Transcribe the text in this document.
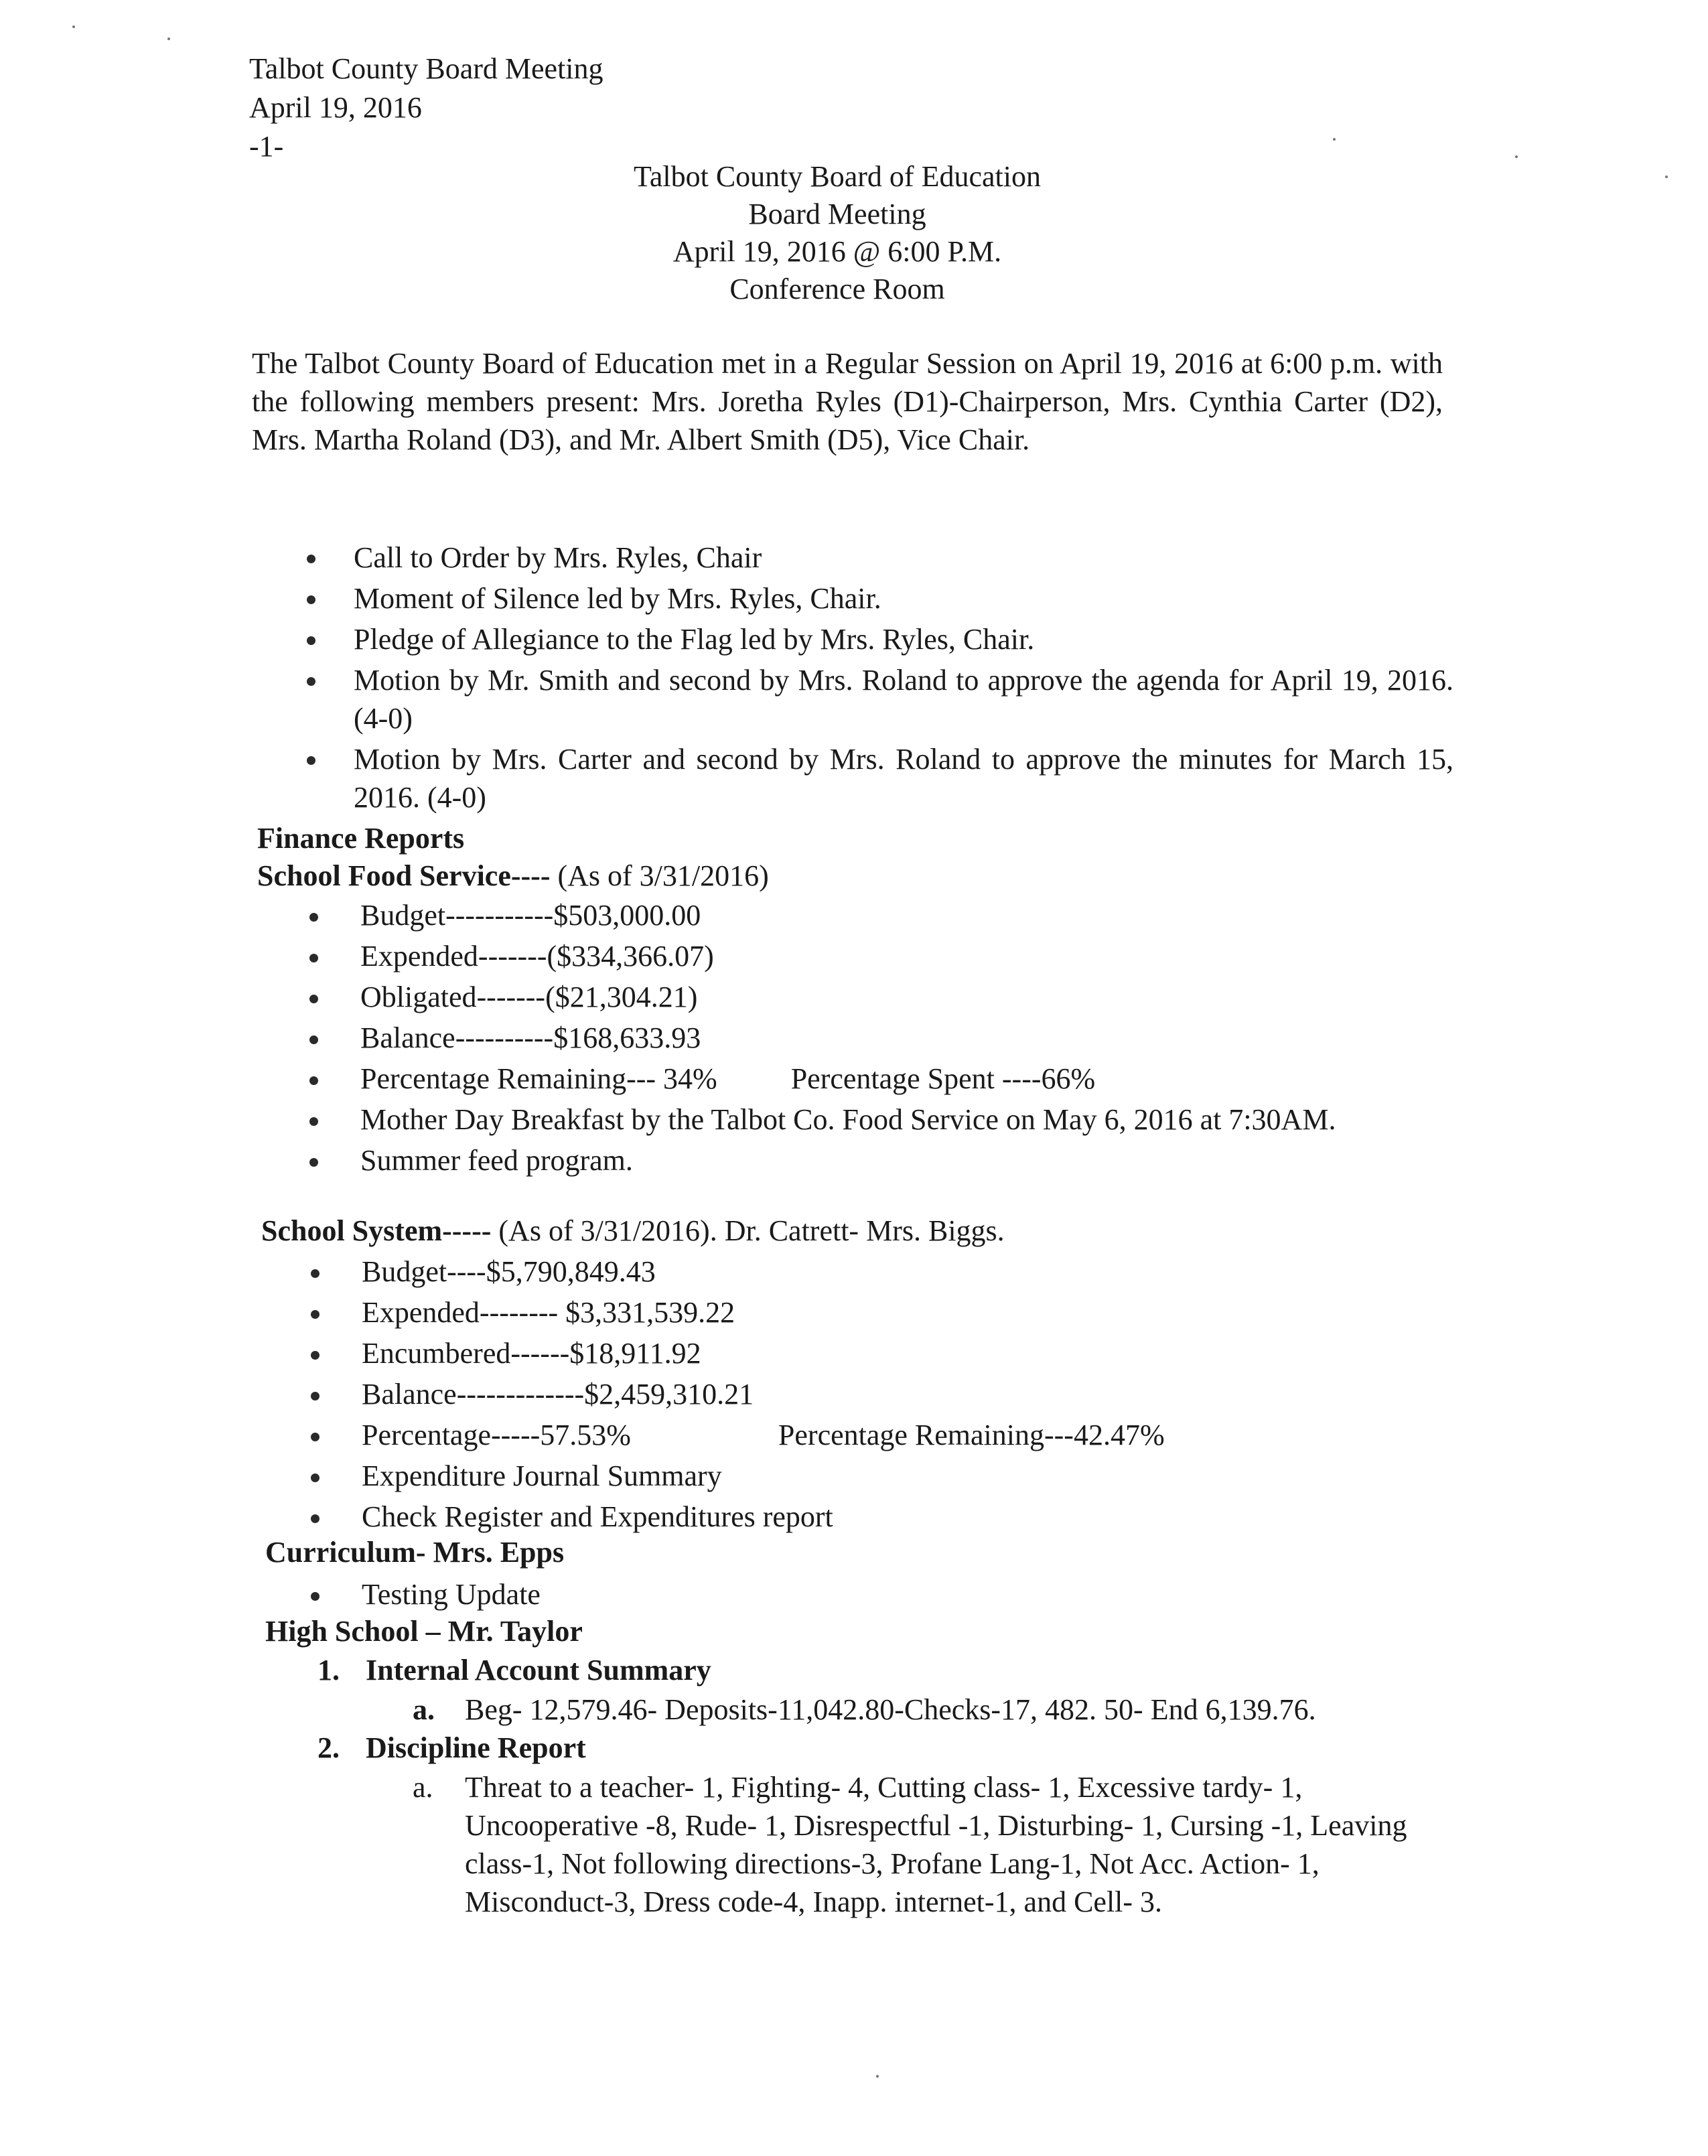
Talbot County Board Meeting
April 19, 2016
-1-
Talbot County Board of Education
Board Meeting
April 19, 2016 @ 6:00 P.M.
Conference Room
The Talbot County Board of Education met in a Regular Session on April 19, 2016 at 6:00 p.m. with the following members present: Mrs. Joretha Ryles (D1)-Chairperson, Mrs. Cynthia Carter (D2), Mrs. Martha Roland (D3), and Mr. Albert Smith (D5), Vice Chair.
Call to Order by Mrs. Ryles, Chair
Moment of Silence led by Mrs. Ryles, Chair.
Pledge of Allegiance to the Flag led by Mrs. Ryles, Chair.
Motion by Mr. Smith and second by Mrs. Roland to approve the agenda for April 19, 2016.(4-0)
Motion by Mrs. Carter and second by Mrs. Roland to approve the minutes for March 15, 2016. (4-0)
Finance Reports
School Food Service---- (As of 3/31/2016)
Budget-----------$503,000.00
Expended-------($334,366.07)
Obligated-------($21,304.21)
Balance----------$168,633.93
Percentage Remaining--- 34%	Percentage Spent ----66%
Mother Day Breakfast by the Talbot Co. Food Service on May 6, 2016 at 7:30AM.
Summer feed program.
School System----- (As of 3/31/2016). Dr. Catrett- Mrs. Biggs.
Budget----$5,790,849.43
Expended-------- $3,331,539.22
Encumbered------$18,911.92
Balance-------------$2,459,310.21
Percentage-----57.53%	Percentage Remaining---42.47%
Expenditure Journal Summary
Check Register and Expenditures report
Curriculum- Mrs. Epps
Testing Update
High School – Mr. Taylor
1. Internal Account Summary
a. Beg- 12,579.46- Deposits-11,042.80-Checks-17, 482. 50- End 6,139.76.
2. Discipline Report
a. Threat to a teacher- 1, Fighting- 4, Cutting class- 1, Excessive tardy- 1, Uncooperative -8, Rude- 1, Disrespectful -1, Disturbing- 1, Cursing -1, Leaving class-1, Not following directions-3, Profane Lang-1, Not Acc. Action- 1, Misconduct-3, Dress code-4, Inapp. internet-1, and Cell- 3.
